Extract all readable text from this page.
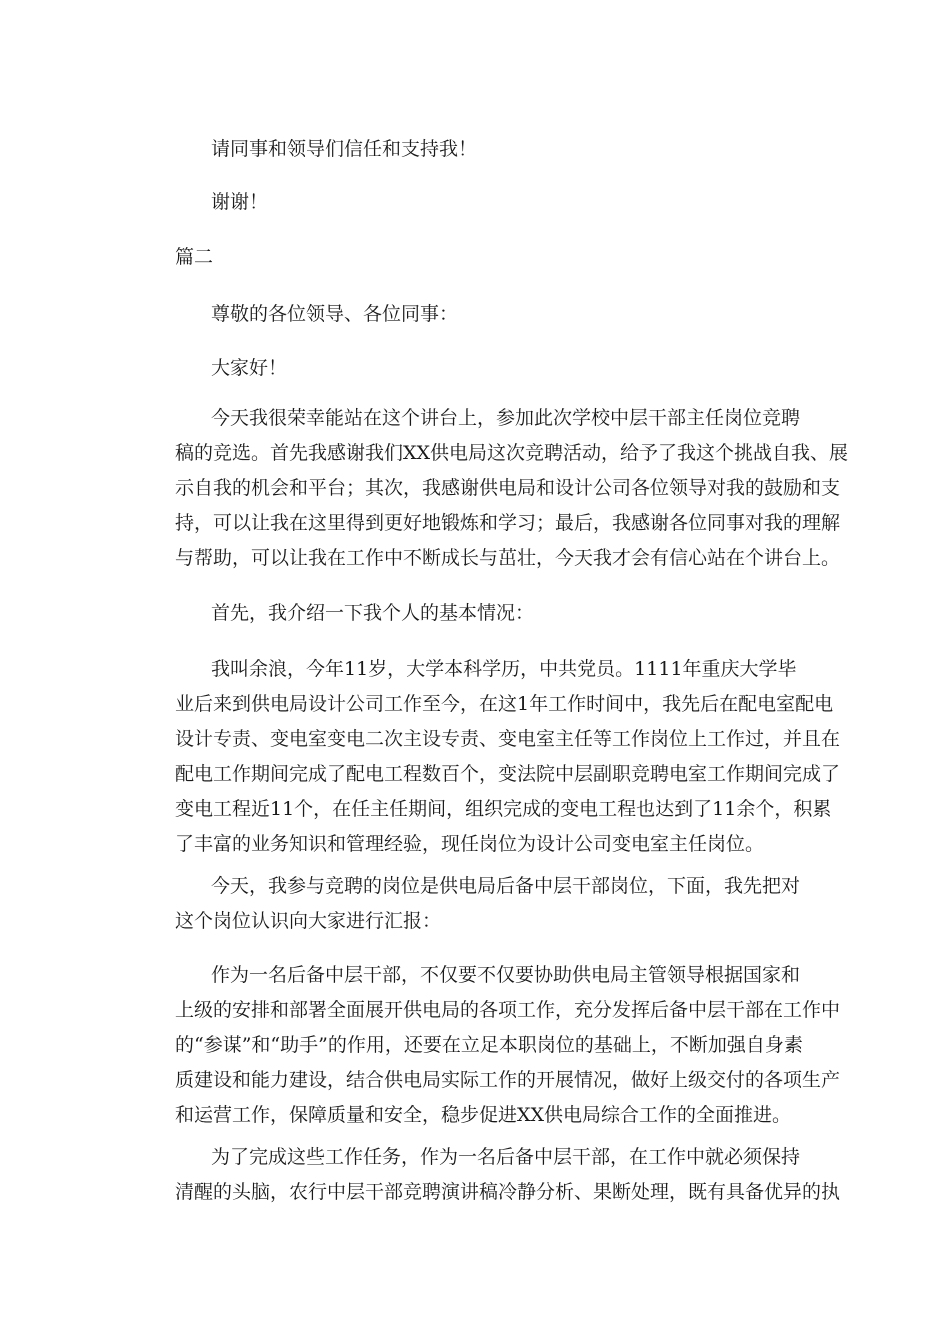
请同事和领导们信任和支持我！

谢谢！

篇二

尊敬的各位领导、各位同事：

大家好！

今天我很荣幸能站在这个讲台上，参加此次学校中层干部主任岗位竞聘
稿的竞选。首先我感谢我们XX供电局这次竞聘活动，给予了我这个挑战自我、展
示自我的机会和平台；其次，我感谢供电局和设计公司各位领导对我的鼓励和支
持，可以让我在这里得到更好地锻炼和学习；最后，我感谢各位同事对我的理解
与帮助，可以让我在工作中不断成长与茁壮，今天我才会有信心站在个讲台上。

首先，我介绍一下我个人的基本情况：

我叫余浪，今年11岁，大学本科学历，中共党员。1111年重庆大学毕
业后来到供电局设计公司工作至今，在这1年工作时间中，我先后在配电室配电
设计专责、变电室变电二次主设专责、变电室主任等工作岗位上工作过，并且在
配电工作期间完成了配电工程数百个，变法院中层副职竞聘电室工作期间完成了
变电工程近11个，在任主任期间，组织完成的变电工程也达到了11余个，积累
了丰富的业务知识和管理经验，现任岗位为设计公司变电室主任岗位。

今天，我参与竞聘的岗位是供电局后备中层干部岗位，下面，我先把对
这个岗位认识向大家进行汇报：

作为一名后备中层干部，不仅要不仅要协助供电局主管领导根据国家和
上级的安排和部署全面展开供电局的各项工作，充分发挥后备中层干部在工作中
的“参谋”和“助手”的作用，还要在立足本职岗位的基础上，不断加强自身素
质建设和能力建设，结合供电局实际工作的开展情况，做好上级交付的各项生产
和运营工作，保障质量和安全，稳步促进XX供电局综合工作的全面推进。

为了完成这些工作任务，作为一名后备中层干部，在工作中就必须保持
清醒的头脑，农行中层干部竞聘演讲稿冷静分析、果断处理，既有具备优异的执
